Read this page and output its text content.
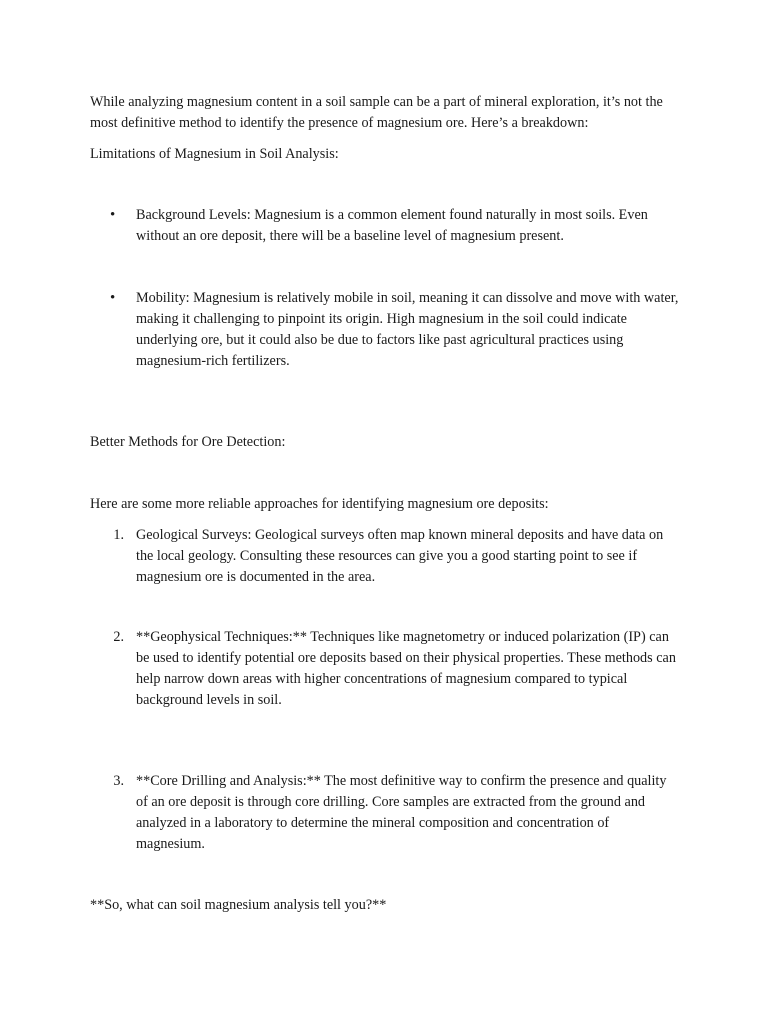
While analyzing magnesium content in a soil sample can be a part of mineral exploration, it’s not the most definitive method to identify the presence of magnesium ore. Here’s a breakdown:

Limitations of Magnesium in Soil Analysis:

•	Background Levels: Magnesium is a common element found naturally in most soils. Even without an ore deposit, there will be a baseline level of magnesium present.

•	Mobility: Magnesium is relatively mobile in soil, meaning it can dissolve and move with water, making it challenging to pinpoint its origin. High magnesium in the soil could indicate underlying ore, but it could also be due to factors like past agricultural practices using magnesium-rich fertilizers.

Better Methods for Ore Detection:

Here are some more reliable approaches for identifying magnesium ore deposits:

1. Geological Surveys: Geological surveys often map known mineral deposits and have data on the local geology. Consulting these resources can give you a good starting point to see if magnesium ore is documented in the area.

2. **Geophysical Techniques:** Techniques like magnetometry or induced polarization (IP) can be used to identify potential ore deposits based on their physical properties. These methods can help narrow down areas with higher concentrations of magnesium compared to typical background levels in soil.

3. **Core Drilling and Analysis:** The most definitive way to confirm the presence and quality of an ore deposit is through core drilling. Core samples are extracted from the ground and analyzed in a laboratory to determine the mineral composition and concentration of magnesium.

**So, what can soil magnesium analysis tell you?**
